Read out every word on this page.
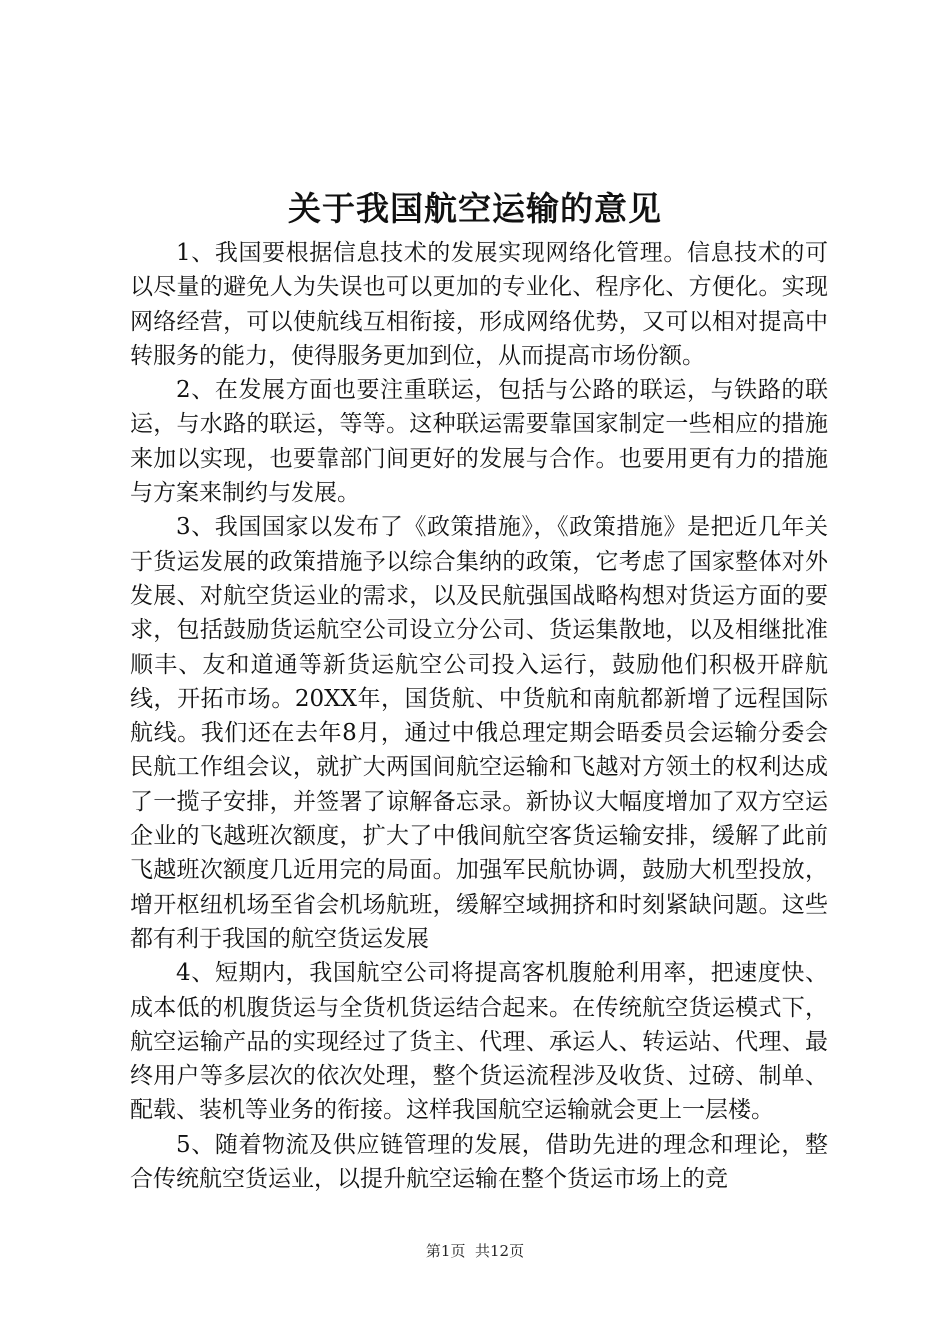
关于我国航空运输的意见

1、我国要根据信息技术的发展实现网络化管理。信息技术的可以尽量的避免人为失误也可以更加的专业化、程序化、方便化。实现网络经营，可以使航线互相衔接，形成网络优势，又可以相对提高中转服务的能力，使得服务更加到位，从而提高市场份额。

2、在发展方面也要注重联运，包括与公路的联运，与铁路的联运，与水路的联运，等等。这种联运需要靠国家制定一些相应的措施来加以实现，也要靠部门间更好的发展与合作。也要用更有力的措施与方案来制约与发展。

3、我国国家以发布了《政策措施》，《政策措施》是把近几年关于货运发展的政策措施予以综合集纳的政策，它考虑了国家整体对外发展、对航空货运业的需求，以及民航强国战略构想对货运方面的要求，包括鼓励货运航空公司设立分公司、货运集散地，以及相继批准顺丰、友和道通等新货运航空公司投入运行，鼓励他们积极开辟航线，开拓市场。20XX年，国货航、中货航和南航都新增了远程国际航线。我们还在去年8月，通过中俄总理定期会晤委员会运输分委会民航工作组会议，就扩大两国间航空运输和飞越对方领土的权利达成了一揽子安排，并签署了谅解备忘录。新协议大幅度增加了双方空运企业的飞越班次额度，扩大了中俄间航空客货运输安排，缓解了此前飞越班次额度几近用完的局面。加强军民航协调，鼓励大机型投放，增开枢纽机场至省会机场航班，缓解空域拥挤和时刻紧缺问题。这些都有利于我国的航空货运发展

4、短期内，我国航空公司将提高客机腹舱利用率，把速度快、成本低的机腹货运与全货机货运结合起来。在传统航空货运模式下，航空运输产品的实现经过了货主、代理、承运人、转运站、代理、最终用户等多层次的依次处理，整个货运流程涉及收货、过磅、制单、配载、装机等业务的衔接。这样我国航空运输就会更上一层楼。

5、随着物流及供应链管理的发展，借助先进的理念和理论，整合传统航空货运业，以提升航空运输在整个货运市场上的竞

第1页 共12页
